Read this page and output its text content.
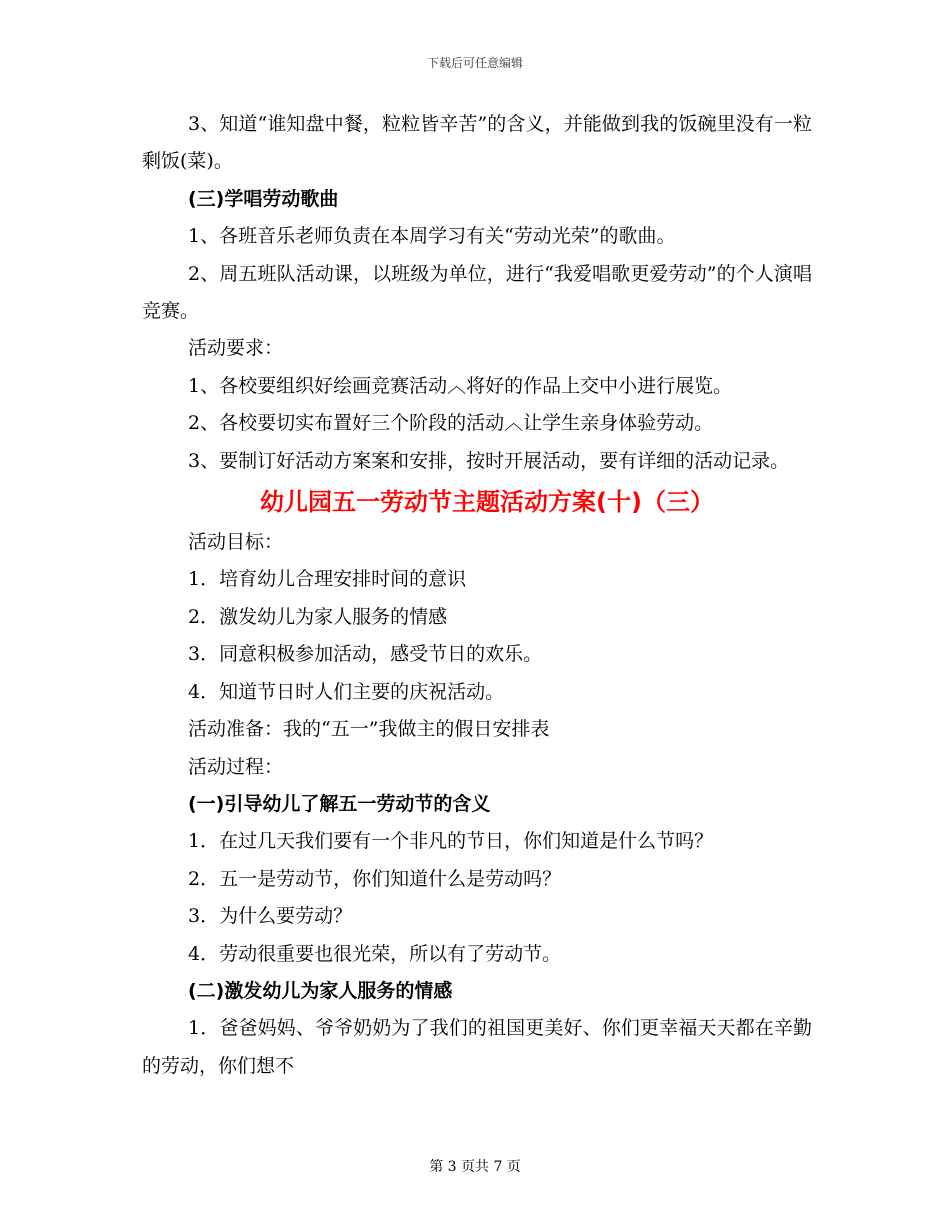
下载后可任意编辑
3、知道“谁知盘中餐，粒粒皆辛苦”的含义，并能做到我的饭碗里没有一粒剩饭(菜)。
(三)学唱劳动歌曲
1、各班音乐老师负责在本周学习有关“劳动光荣”的歌曲。
2、周五班队活动课，以班级为单位，进行“我爱唱歌更爱劳动”的个人演唱竞赛。
活动要求：
1、各校要组织好绘画竞赛活动︿将好的作品上交中小进行展览。
2、各校要切实布置好三个阶段的活动︿让学生亲身体验劳动。
3、要制订好活动方案案和安排，按时开展活动，要有详细的活动记录。
幼儿园五一劳动节主题活动方案(十)（三）
活动目标：
1．培育幼儿合理安排时间的意识
2．激发幼儿为家人服务的情感
3．同意积极参加活动，感受节日的欢乐。
4．知道节日时人们主要的庆祝活动。
活动准备：我的“五一”我做主的假日安排表
活动过程：
(一)引导幼儿了解五一劳动节的含义
1．在过几天我们要有一个非凡的节日，你们知道是什么节吗？
2．五一是劳动节，你们知道什么是劳动吗？
3．为什么要劳动？
4．劳动很重要也很光荣，所以有了劳动节。
(二)激发幼儿为家人服务的情感
1．爸爸妈妈、爷爷奶奶为了我们的祖国更美好、你们更幸福天天都在辛勤的劳动，你们想不
第 3 页共 7 页
